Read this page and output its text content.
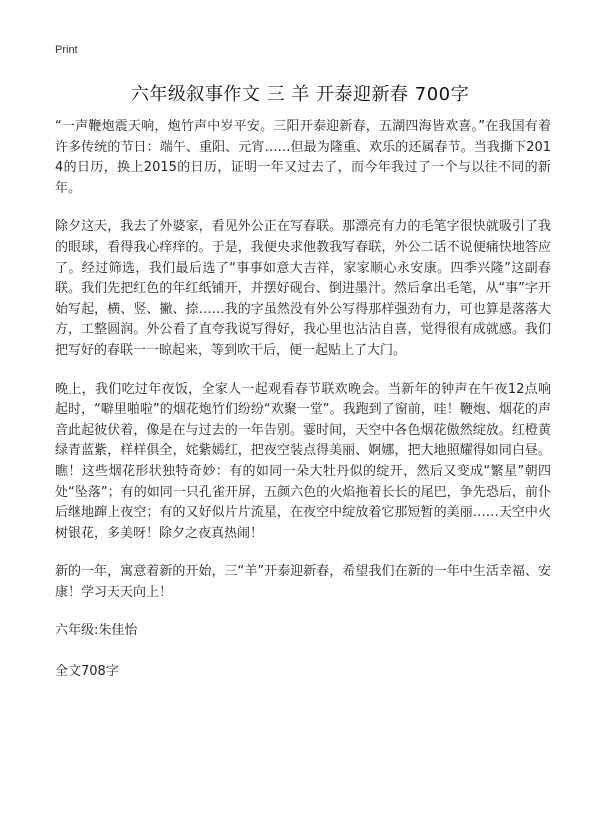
Print
六年级叙事作文 三 羊 开泰迎新春 700字

“一声鞭炮震天响，炮竹声中岁平安。三阳开泰迎新春，五湖四海皆欢喜。”在我国有着许多传统的节日：端午、重阳、元宵……但最为隆重、欢乐的还属春节。当我撕下2014的日历，换上2015的日历，证明一年又过去了，而今年我过了一个与以往不同的新年。

除夕这天，我去了外婆家，看见外公正在写春联。那漂亮有力的毛笔字很快就吸引了我的眼球，看得我心痒痒的。于是，我便央求他教我写春联，外公二话不说便痛快地答应了。经过筛选，我们最后选了“事事如意大吉祥，家家顺心永安康。四季兴隆”这副春联。我们先把红色的年红纸铺开，并摆好砚台、倒进墨汁。然后拿出毛笔，从“事”字开始写起，横、竖、撇、捺……我的字虽然没有外公写得那样强劲有力，可也算是落落大方，工整圆润。外公看了直夸我说写得好，我心里也沾沾自喜，觉得很有成就感。我们把写好的春联一一晾起来，等到吹干后，便一起贴上了大门。

晚上，我们吃过年夜饭，全家人一起观看春节联欢晚会。当新年的钟声在午夜12点响起时，“噼里啪啦”的烟花炮竹们纷纷“欢聚一堂”。我跑到了窗前，哇！鞭炮、烟花的声音此起彼伏着，像是在与过去的一年告别。霎时间，天空中各色烟花傲然绽放。红橙黄绿青蓝紫，样样俱全，姹紫嫣红，把夜空装点得美丽、婀娜，把大地照耀得如同白昼。瞧！这些烟花形状独特奇妙：有的如同一朵大牡丹似的绽开，然后又变成“繁星”朝四处“坠落”；有的如同一只孔雀开屏，五颜六色的火焰拖着长长的尾巴，争先恐后，前仆后继地蹿上夜空；有的又好似片片流星，在夜空中绽放着它那短暂的美丽……天空中火树银花，多美呀！除夕之夜真热闹！

新的一年，寓意着新的开始，三“羊”开泰迎新春，希望我们在新的一年中生活幸福、安康！学习天天向上！

六年级:朱佳怡

全文708字
